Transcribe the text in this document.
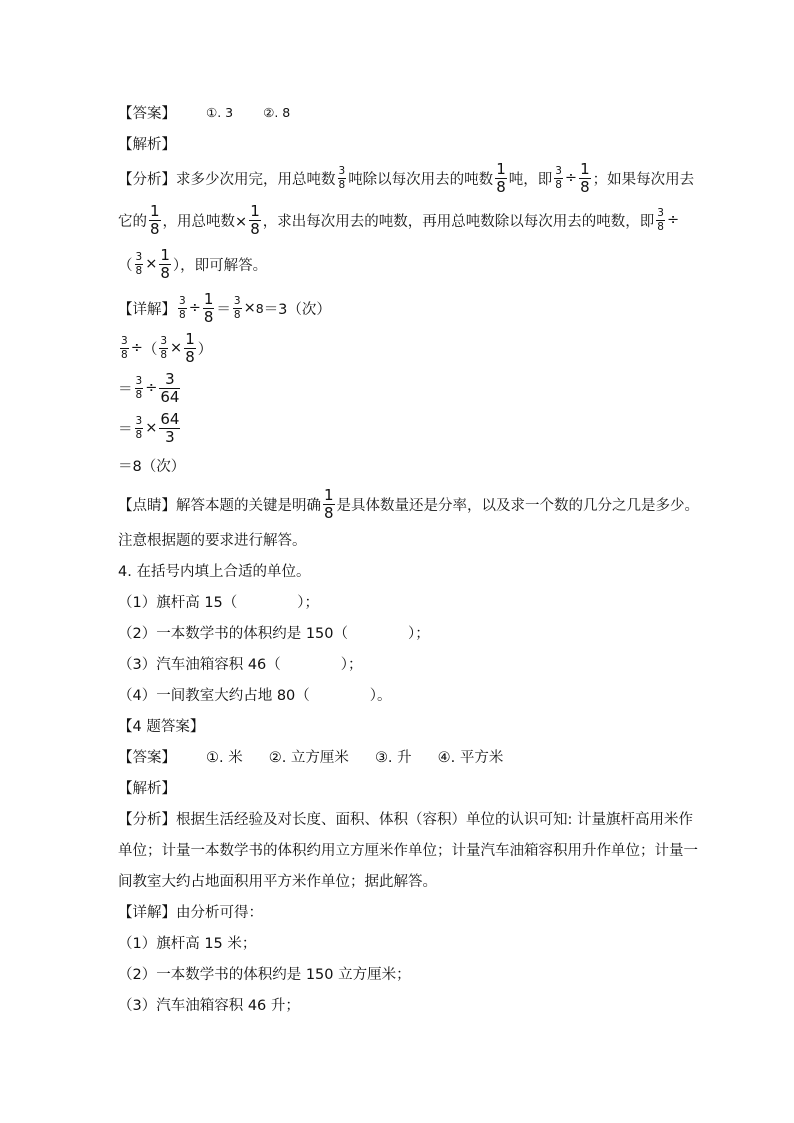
【答案】 ①. 3 ②. 8
【解析】
【分析】 求多少次用完，用总吨数 $\frac{3}{8}$ 吨除以每次用去的吨数 $\frac{1}{8}$ 吨，即 $\frac{3}{8} \div \frac{1}{8}$ ；如果每次用去
它的 $\frac{1}{8}$ ，用总吨数× $\frac{1}{8}$ ，求出每次用去的吨数，再用总吨数除以每次用去的吨数，即 $\frac{3}{8}$ ÷
（ $\frac{3}{8} \times \frac{1}{8}$ ），即可解答。
【详解】 $\frac{3}{8} \div \frac{1}{8} = \frac{3}{8} \times 8 =3$（次）
$\frac{3}{8}$ ÷ （ $\frac{3}{8} \times \frac{1}{8}$ ）
＝ $\frac{3}{8} \div \frac{3}{64}$
＝ $\frac{3}{8} \times \frac{64}{3}$
＝8（次）
【点睛】 解答本题的关键是明确 $\frac{1}{8}$ 是具体数量还是分率，以及求一个数的几分之几是多少。
注意根据题的要求进行解答。
4. 在括号内填上合适的单位。
（1）旗杆高 15（	）；
（2）一本数学书的体积约是 150（	）；
（3）汽车油箱容积 46（	）；
（4）一间教室大约占地 80（	）。
【4 题答案】
【答案】 ①. 米 ②. 立方厘米 ③. 升 ④. 平方米
【解析】
【分析】 根据生活经验及对长度、面积、体积（容积）单位的认识可知: 计量旗杆高用米作
单位；计量一本数学书的体积约用立方厘米作单位；计量汽车油箱容积用升作单位；计量一
间教室大约占地面积用平方米作单位；据此解答。
【详解】 由分析可得：
（1）旗杆高 15 米；
（2）一本数学书的体积约是 150 立方厘米；
（3）汽车油箱容积 46 升；
